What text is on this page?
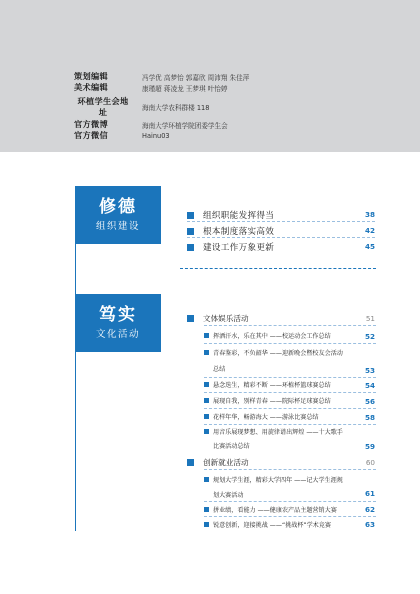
策划编辑	冯学优 高梦怡 郭嘉欣 周沛翔 朱佳萍
美术编辑	康瑾超 蒋凌龙 王梦琪 叶怡婷
环植学生会地址	海南大学农科群楼 118
官方微博	海南大学环植学院团委学生会
官方微信	Hainu03
修德
组织建设
组织职能发挥得当	38
根本制度落实高效	42
建设工作万象更新	45
笃实
文化活动
文体娱乐活动	51
挥洒汗水，乐在其中 ——校运动会工作总结	52
青春鉴彩，不负韶华 ——迎新晚会暨校友会活动
总结	53
悬念迭生，精彩不断 ——环植杯篮球赛总结	54
展现自我，别样青春 ——院际杯足球赛总结	56
花样年华，畅游海大 ——游泳比赛总结	58
用音乐展现梦想、用旋律谱出辉煌 ——十大歌手
比赛活动总结	59
创新就业活动	60
规划大学生涯，精彩大学四年 ——记大学生涯规
划大赛活动	61
拼业绩，看能力 ——健康农产品主题营销大赛	62
锐意创新，迎接挑战 ——“挑战杯”学术竞赛	63
